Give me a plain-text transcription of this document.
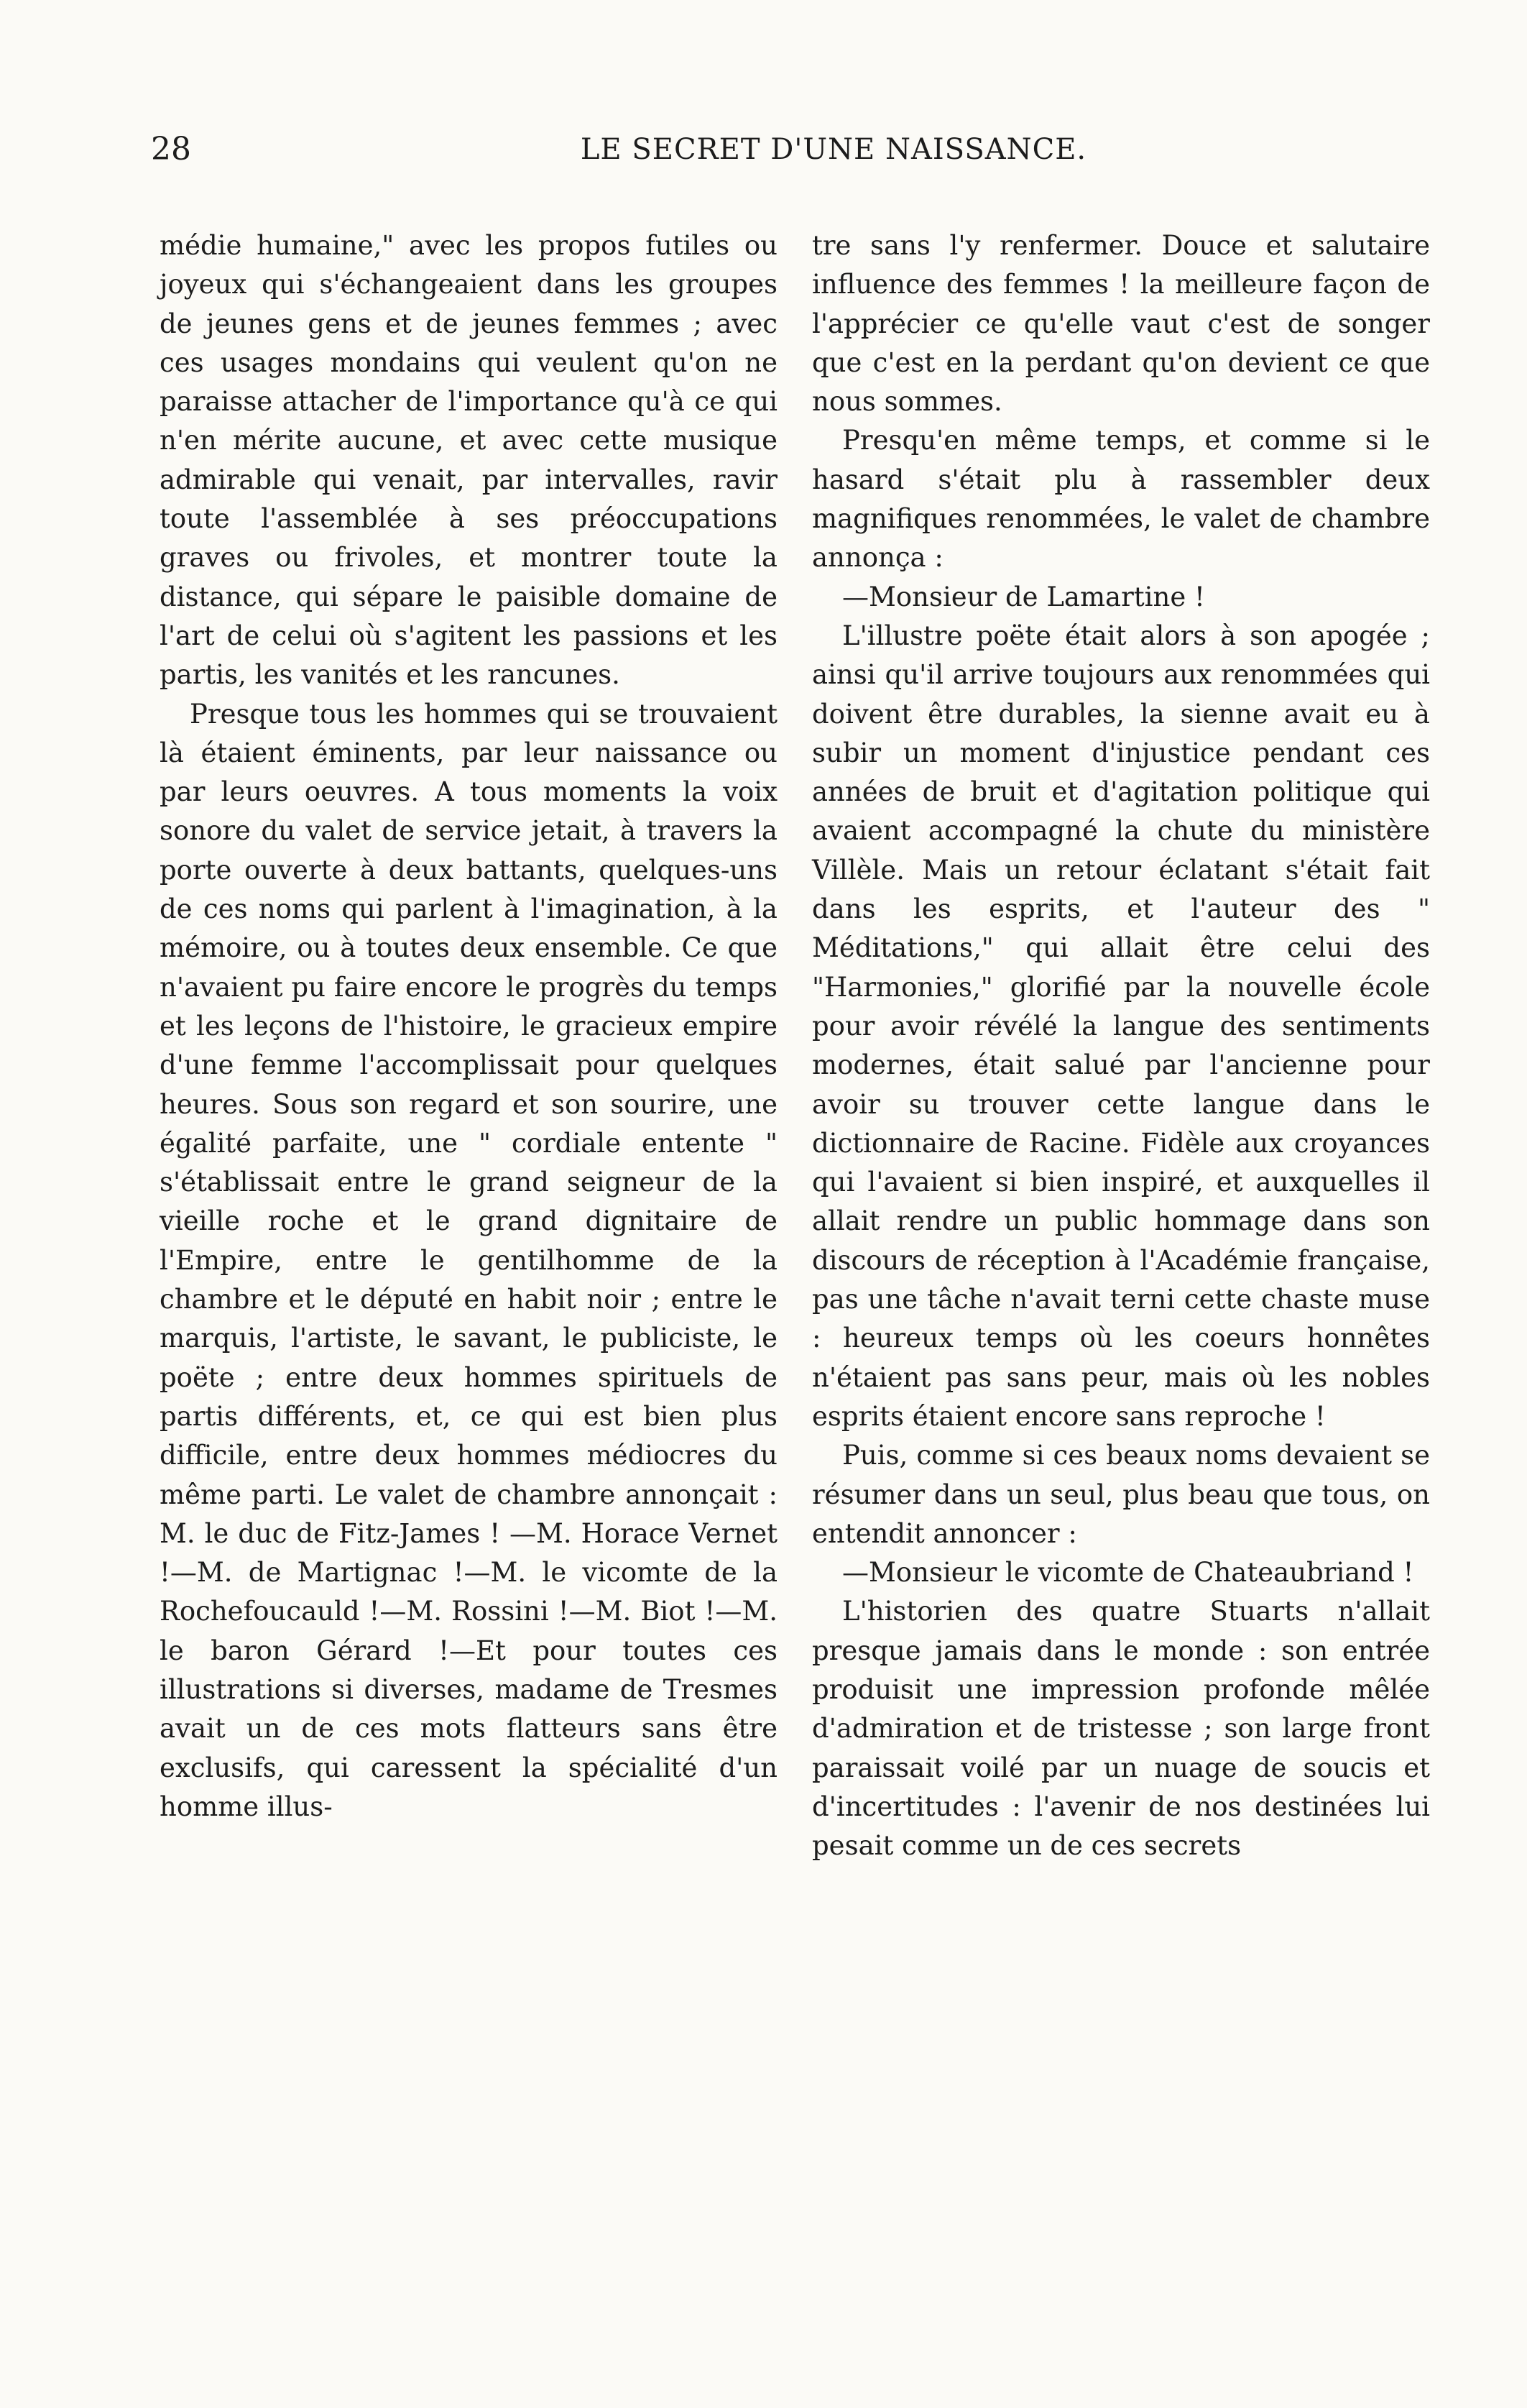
28	LE SECRET D'UNE NAISSANCE.

médie humaine," avec les propos futiles ou joyeux qui s'échangeaient dans les groupes de jeunes gens et de jeunes femmes ; avec ces usages mondains qui veulent qu'on ne paraisse attacher de l'importance qu'à ce qui n'en mérite aucune, et avec cette musique admirable qui venait, par intervalles, ravir toute l'assemblée à ses préoccupations graves ou frivoles, et montrer toute la distance, qui sépare le paisible domaine de l'art de celui où s'agitent les passions et les partis, les vanités et les rancunes.

Presque tous les hommes qui se trouvaient là étaient éminents, par leur naissance ou par leurs oeuvres. A tous moments la voix sonore du valet de service jetait, à travers la porte ouverte à deux battants, quelques-uns de ces noms qui parlent à l'imagination, à la mémoire, ou à toutes deux ensemble. Ce que n'avaient pu faire encore le progrès du temps et les leçons de l'histoire, le gracieux empire d'une femme l'accomplissait pour quelques heures. Sous son regard et son sourire, une égalité parfaite, une " cordiale entente " s'établissait entre le grand seigneur de la vieille roche et le grand dignitaire de l'Empire, entre le gentilhomme de la chambre et le député en habit noir ; entre le marquis, l'artiste, le savant, le publiciste, le poëte ; entre deux hommes spirituels de partis différents, et, ce qui est bien plus difficile, entre deux hommes médiocres du même parti. Le valet de chambre annonçait : M. le duc de Fitz-James ! —M. Horace Vernet !—M. de Martignac !—M. le vicomte de la Rochefoucauld !—M. Rossini !—M. Biot !—M. le baron Gérard !—Et pour toutes ces illustrations si diverses, madame de Tresmes avait un de ces mots flatteurs sans être exclusifs, qui caressent la spécialité d'un homme illus-

tre sans l'y renfermer. Douce et salutaire influence des femmes ! la meilleure façon de l'apprécier ce qu'elle vaut c'est de songer que c'est en la perdant qu'on devient ce que nous sommes.

Presqu'en même temps, et comme si le hasard s'était plu à rassembler deux magnifiques renommées, le valet de chambre annonça :

—Monsieur de Lamartine !

L'illustre poëte était alors à son apogée ; ainsi qu'il arrive toujours aux renommées qui doivent être durables, la sienne avait eu à subir un moment d'injustice pendant ces années de bruit et d'agitation politique qui avaient accompagné la chute du ministère Villèle. Mais un retour éclatant s'était fait dans les esprits, et l'auteur des " Méditations," qui allait être celui des "Harmonies," glorifié par la nouvelle école pour avoir révélé la langue des sentiments modernes, était salué par l'ancienne pour avoir su trouver cette langue dans le dictionnaire de Racine. Fidèle aux croyances qui l'avaient si bien inspiré, et auxquelles il allait rendre un public hommage dans son discours de réception à l'Académie française, pas une tâche n'avait terni cette chaste muse : heureux temps où les coeurs honnêtes n'étaient pas sans peur, mais où les nobles esprits étaient encore sans reproche !

Puis, comme si ces beaux noms devaient se résumer dans un seul, plus beau que tous, on entendit annoncer :

—Monsieur le vicomte de Chateaubriand !

L'historien des quatre Stuarts n'allait presque jamais dans le monde : son entrée produisit une impression profonde mêlée d'admiration et de tristesse ; son large front paraissait voilé par un nuage de soucis et d'incertitudes : l'avenir de nos destinées lui pesait comme un de ces secrets
